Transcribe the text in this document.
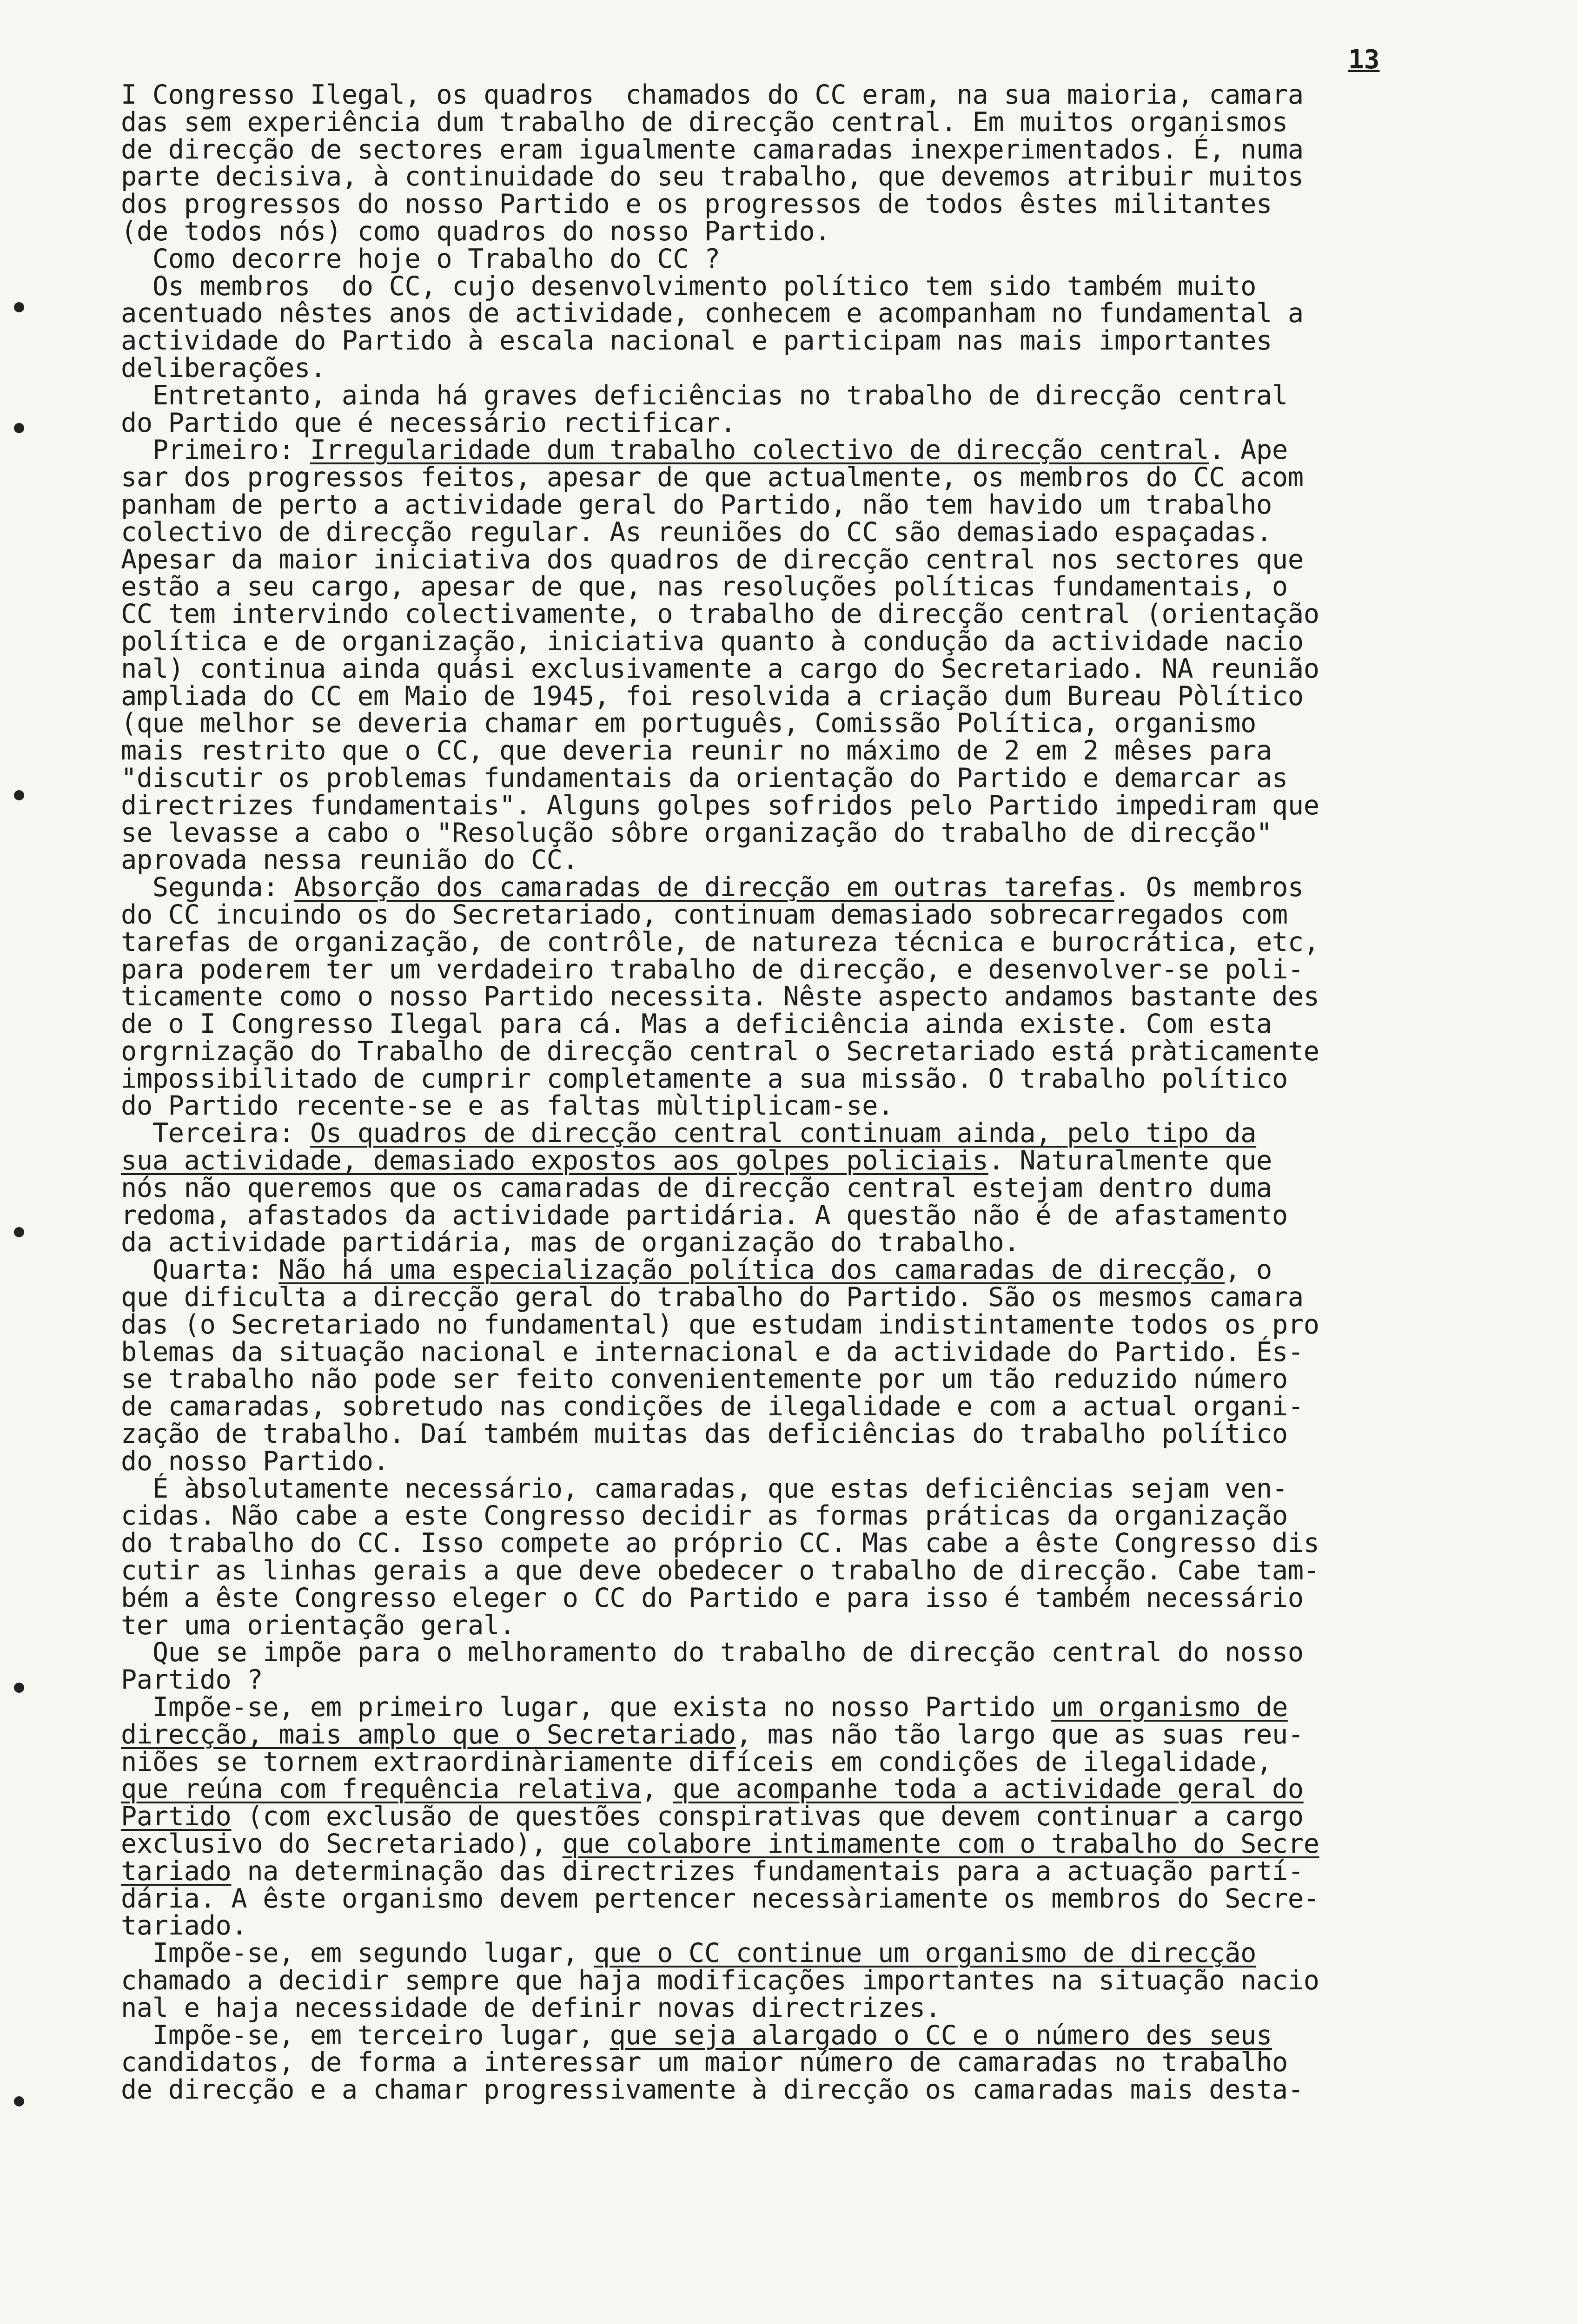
13
I Congresso Ilegal, os quadros  chamados do CC eram, na sua maioria, camara
das sem experiência dum trabalho de direcção central. Em muitos organismos
de direcção de sectores eram igualmente camaradas inexperimentados. É, numa
parte decisiva, à continuidade do seu trabalho, que devemos atribuir muitos
dos progressos do nosso Partido e os progressos de todos êstes militantes
(de todos nós) como quadros do nosso Partido.
Como decorre hoje o Trabalho do CC ?
Os membros  do CC, cujo desenvolvimento político tem sido também muito
acentuado nêstes anos de actividade, conhecem e acompanham no fundamental a
actividade do Partido à escala nacional e participam nas mais importantes
deliberações.
Entretanto, ainda há graves deficiências no trabalho de direcção central
do Partido que é necessário rectificar.
Primeiro: Irregularidade dum trabalho colectivo de direcção central. Ape
sar dos progressos feitos, apesar de que actualmente, os membros do CC acom
panham de perto a actividade geral do Partido, não tem havido um trabalho
colectivo de direcção regular. As reuniões do CC são demasiado espaçadas.
Apesar da maior iniciativa dos quadros de direcção central nos sectores que
estão a seu cargo, apesar de que, nas resoluções políticas fundamentais, o
CC tem intervindo colectivamente, o trabalho de direcção central (orientação
política e de organização, iniciativa quanto à condução da actividade nacio
nal) continua ainda quási exclusivamente a cargo do Secretariado. NA reunião
ampliada do CC em Maio de 1945, foi resolvida a criação dum Bureau Pòlítico
(que melhor se deveria chamar em português, Comissão Política, organismo
mais restrito que o CC, que deveria reunir no máximo de 2 em 2 mêses para
"discutir os problemas fundamentais da orientação do Partido e demarcar as
directrizes fundamentais". Alguns golpes sofridos pelo Partido impediram que
se levasse a cabo o "Resolução sôbre organização do trabalho de direcção"
aprovada nessa reunião do CC.
Segunda: Absorção dos camaradas de direcção em outras tarefas. Os membros
do CC incuindo os do Secretariado, continuam demasiado sobrecarregados com
tarefas de organização, de contrôle, de natureza técnica e burocrática, etc,
para poderem ter um verdadeiro trabalho de direcção, e desenvolver-se poli-
ticamente como o nosso Partido necessita. Nêste aspecto andamos bastante des
de o I Congresso Ilegal para cá. Mas a deficiência ainda existe. Com esta
orgrnização do Trabalho de direcção central o Secretariado está pràticamente
impossibilitado de cumprir completamente a sua missão. O trabalho político
do Partido recente-se e as faltas mùltiplicam-se.
Terceira: Os quadros de direcção central continuam ainda, pelo tipo da
sua actividade, demasiado expostos aos golpes policiais. Naturalmente que
nós não queremos que os camaradas de direcção central estejam dentro duma
redoma, afastados da actividade partidária. A questão não é de afastamento
da actividade partidária, mas de organização do trabalho.
Quarta: Não há uma especialização política dos camaradas de direcção, o
que dificulta a direcção geral do trabalho do Partido. São os mesmos camara
das (o Secretariado no fundamental) que estudam indistintamente todos os pro
blemas da situação nacional e internacional e da actividade do Partido. És-
se trabalho não pode ser feito convenientemente por um tão reduzido número
de camaradas, sobretudo nas condições de ilegalidade e com a actual organi-
zação de trabalho. Daí também muitas das deficiências do trabalho político
do nosso Partido.
É àbsolutamente necessário, camaradas, que estas deficiências sejam ven-
cidas. Não cabe a este Congresso decidir as formas práticas da organização
do trabalho do CC. Isso compete ao próprio CC. Mas cabe a êste Congresso dis
cutir as linhas gerais a que deve obedecer o trabalho de direcção. Cabe tam-
bém a êste Congresso eleger o CC do Partido e para isso é também necessário
ter uma orientação geral.
Que se impõe para o melhoramento do trabalho de direcção central do nosso
Partido ?
Impõe-se, em primeiro lugar, que exista no nosso Partido um organismo de
direcção, mais amplo que o Secretariado, mas não tão largo que as suas reu-
niões se tornem extraordinàriamente difíceis em condições de ilegalidade,
que reúna com frequência relativa, que acompanhe toda a actividade geral do
Partido (com exclusão de questões conspirativas que devem continuar a cargo
exclusivo do Secretariado), que colabore intimamente com o trabalho do Secre
tariado na determinação das directrizes fundamentais para a actuação partí-
dária. A êste organismo devem pertencer necessàriamente os membros do Secre-
tariado.
Impõe-se, em segundo lugar, que o CC continue um organismo de direcção
chamado a decidir sempre que haja modificações importantes na situação nacio
nal e haja necessidade de definir novas directrizes.
Impõe-se, em terceiro lugar, que seja alargado o CC e o número des seus
candidatos, de forma a interessar um maior número de camaradas no trabalho
de direcção e a chamar progressivamente à direcção os camaradas mais desta-
